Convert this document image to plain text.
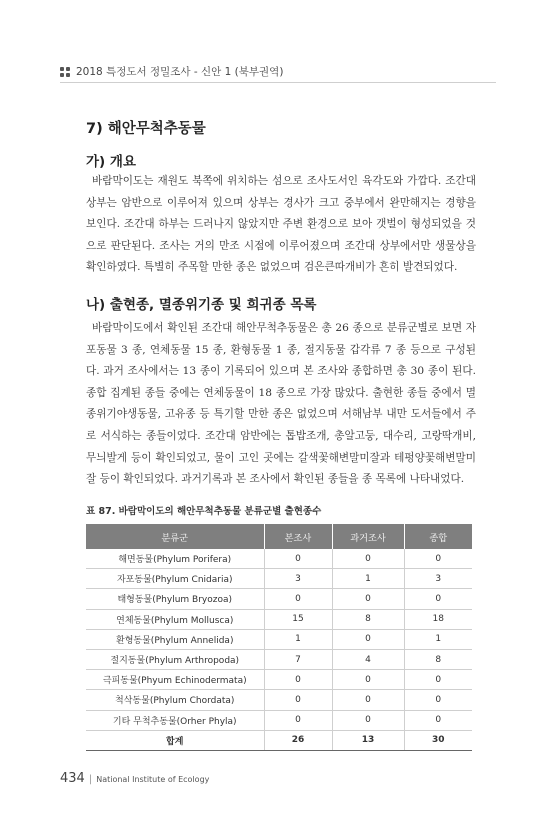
2018 특정도서 정밀조사 - 신안 1 (북부권역)
7) 해안무척추동물
가) 개요
바람막이도는 재원도 북쪽에 위치하는 섬으로 조사도서인 육각도와 가깝다. 조간대 상부는 암반으로 이루어져 있으며 상부는 경사가 크고 중부에서 완만해지는 경향을 보인다. 조간대 하부는 드러나지 않았지만 주변 환경으로 보아 갯벌이 형성되었을 것으로 판단된다. 조사는 거의 만조 시점에 이루어졌으며 조간대 상부에서만 생물상을 확인하였다. 특별히 주목할 만한 종은 없었으며 검은큰따개비가 흔히 발견되었다.
나) 출현종, 멸종위기종 및 희귀종 목록
바람막이도에서 확인된 조간대 해안무척추동물은 총 26 종으로 분류군별로 보면 자포동물 3 종, 연체동물 15 종, 환형동물 1 종, 절지동물 갑각류 7 종 등으로 구성된다. 과거 조사에서는 13 종이 기록되어 있으며 본 조사와 종합하면 총 30 종이 된다. 종합 집계된 종들 중에는 연체동물이 18 종으로 가장 많았다. 출현한 종들 중에서 멸종위기야생동물, 고유종 등 특기할 만한 종은 없었으며 서해남부 내만 도서들에서 주로 서식하는 종들이었다. 조간대 암반에는 톱밥조개, 총알고둥, 대수리, 고랑딱개비, 무늬발게 등이 확인되었고, 물이 고인 곳에는 갈색꽃해변말미잘과 테펑양꽃해변말미잘 등이 확인되었다. 과거기록과 본 조사에서 확인된 종들을 종 목록에 나타내었다.
표 87. 바람막이도의 해안무척추동물 분류군별 출현종수
분류군	본조사	과거조사	종합
해면동물(Phylum Porifera)	0	0	0
자포동물(Phylum Cnidaria)	3	1	3
태형동물(Phylum Bryozoa)	0	0	0
연체동물(Phylum Mollusca)	15	8	18
환형동물(Phylum Annelida)	1	0	1
절지동물(Phylum Arthropoda)	7	4	8
극피동물(Phyum Echinodermata)	0	0	0
척삭동물(Phylum Chordata)	0	0	0
기타 무척추동물(Orher Phyla)	0	0	0
합계	26	13	30
434 | National Institute of Ecology
